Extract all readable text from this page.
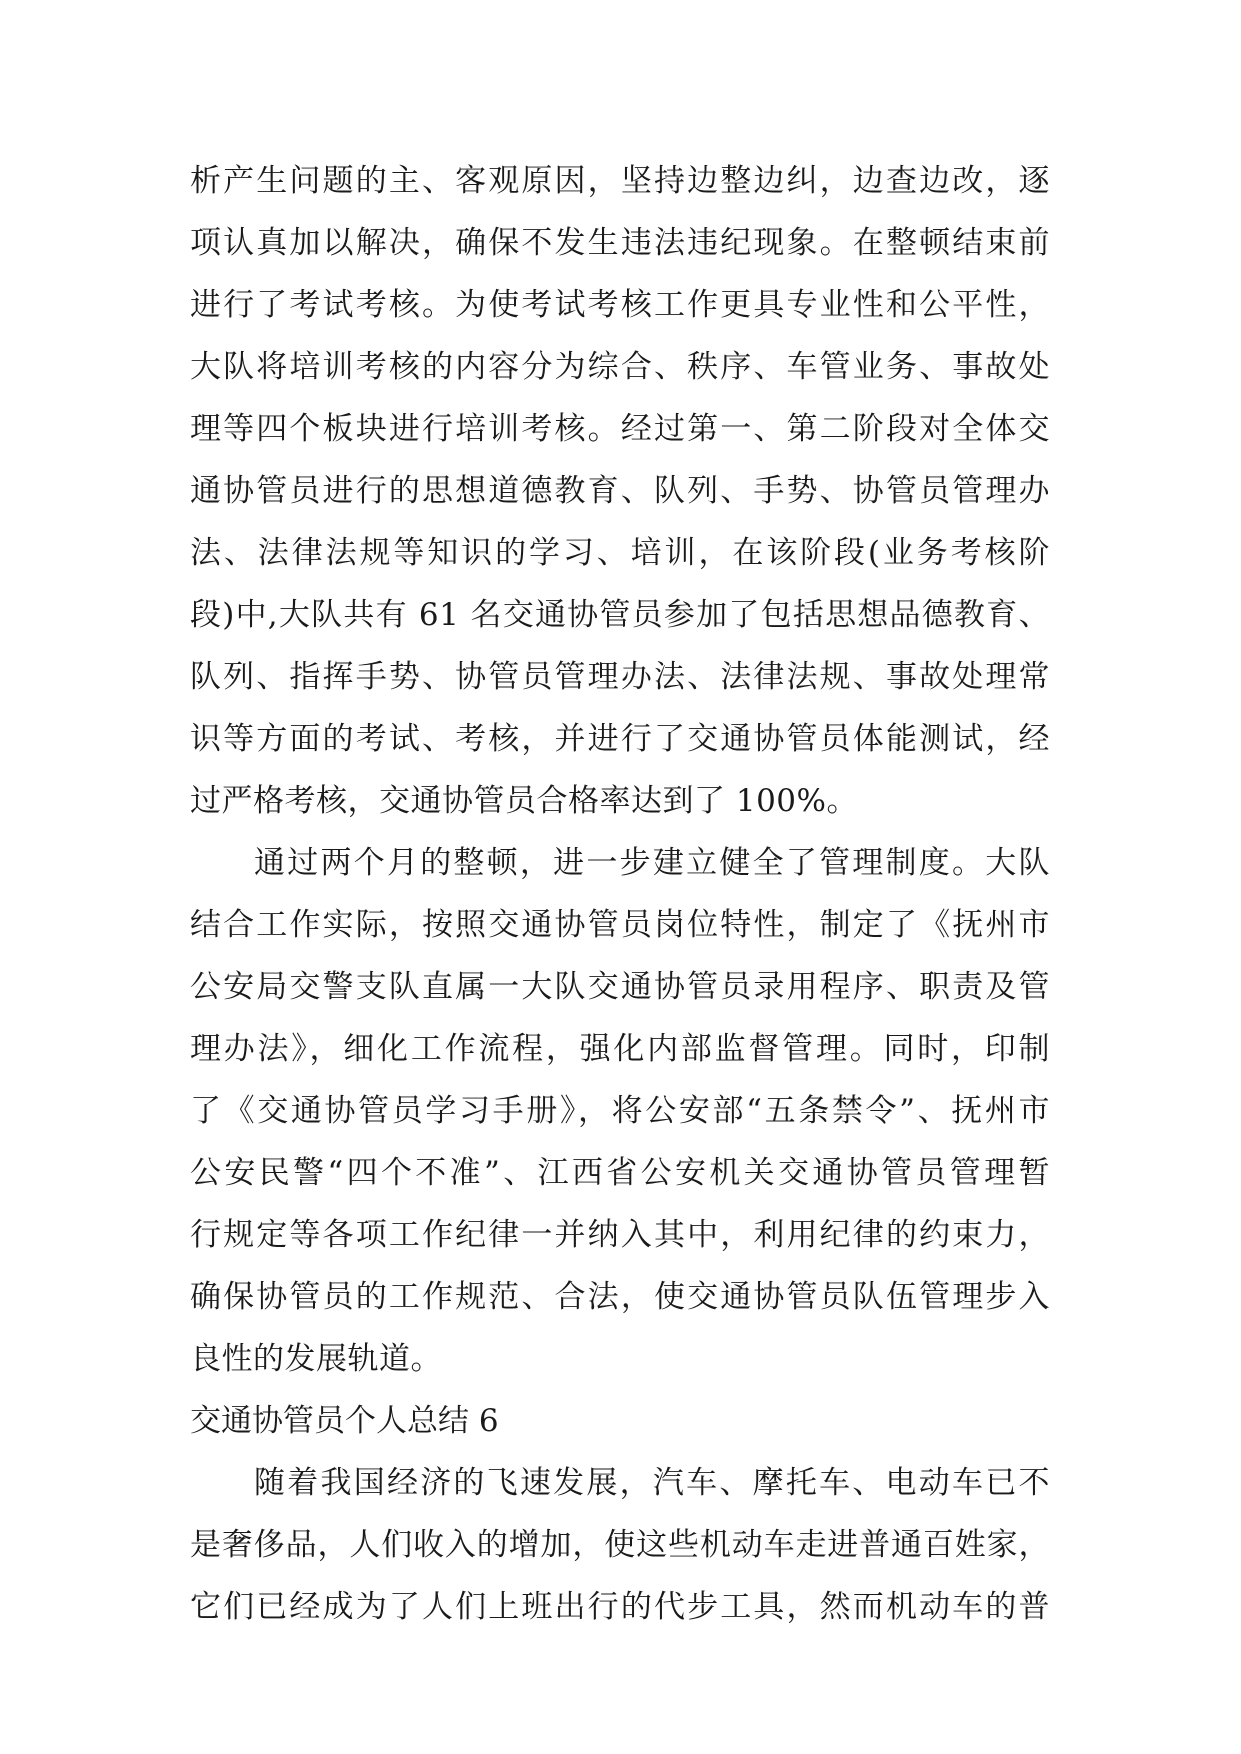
析产生问题的主、客观原因，坚持边整边纠，边查边改，逐
项认真加以解决，确保不发生违法违纪现象。在整顿结束前
进行了考试考核。为使考试考核工作更具专业性和公平性，
大队将培训考核的内容分为综合、秩序、车管业务、事故处
理等四个板块进行培训考核。经过第一、第二阶段对全体交
通协管员进行的思想道德教育、队列、手势、协管员管理办
法、法律法规等知识的学习、培训，在该阶段(业务考核阶
段)中,大队共有 61 名交通协管员参加了包括思想品德教育、
队列、指挥手势、协管员管理办法、法律法规、事故处理常
识等方面的考试、考核，并进行了交通协管员体能测试，经
过严格考核，交通协管员合格率达到了 100%。
通过两个月的整顿，进一步建立健全了管理制度。大队
结合工作实际，按照交通协管员岗位特性，制定了《抚州市
公安局交警支队直属一大队交通协管员录用程序、职责及管
理办法》，细化工作流程，强化内部监督管理。同时，印制
了《交通协管员学习手册》，将公安部“五条禁令”、抚州市
公安民警“四个不准”、江西省公安机关交通协管员管理暂
行规定等各项工作纪律一并纳入其中，利用纪律的约束力，
确保协管员的工作规范、合法，使交通协管员队伍管理步入
良性的发展轨道。
交通协管员个人总结 6
随着我国经济的飞速发展，汽车、摩托车、电动车已不
是奢侈品，人们收入的增加，使这些机动车走进普通百姓家，
它们已经成为了人们上班出行的代步工具，然而机动车的普
